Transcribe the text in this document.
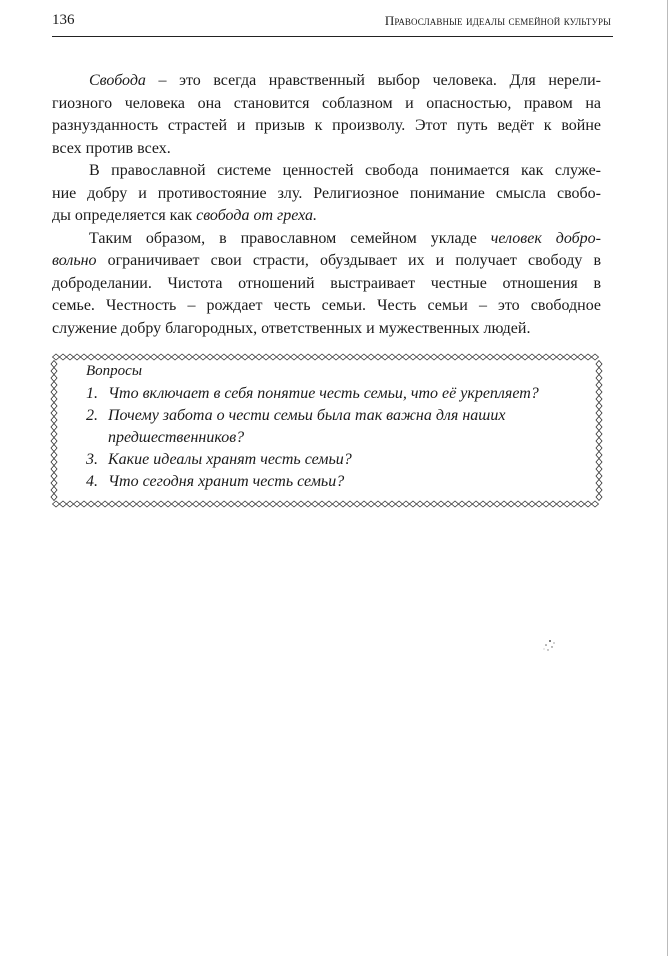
136	Православные идеалы семейной культуры
Свобода – это всегда нравственный выбор человека. Для нерели-
гиозного человека она становится соблазном и опасностью, правом на
разнузданность страстей и призыв к произволу. Этот путь ведёт к войне
всех против всех.
В православной системе ценностей свобода понимается как служе-
ние добру и противостояние злу. Религиозное понимание смысла свобо-
ды определяется как свобода от греха.
Таким образом, в православном семейном укладе человек добро-
вольно ограничивает свои страсти, обуздывает их и получает свободу в
доброделании. Чистота отношений выстраивает честные отношения в
семье. Честность – рождает честь семьи. Честь семьи – это свободное
служение добру благородных, ответственных и мужественных людей.
Вопросы
1. Что включает в себя понятие честь семьи, что её укрепляет?
2. Почему забота о чести семьи была так важна для наших
предшественников?
3. Какие идеалы хранят честь семьи?
4. Что сегодня хранит честь семьи?
